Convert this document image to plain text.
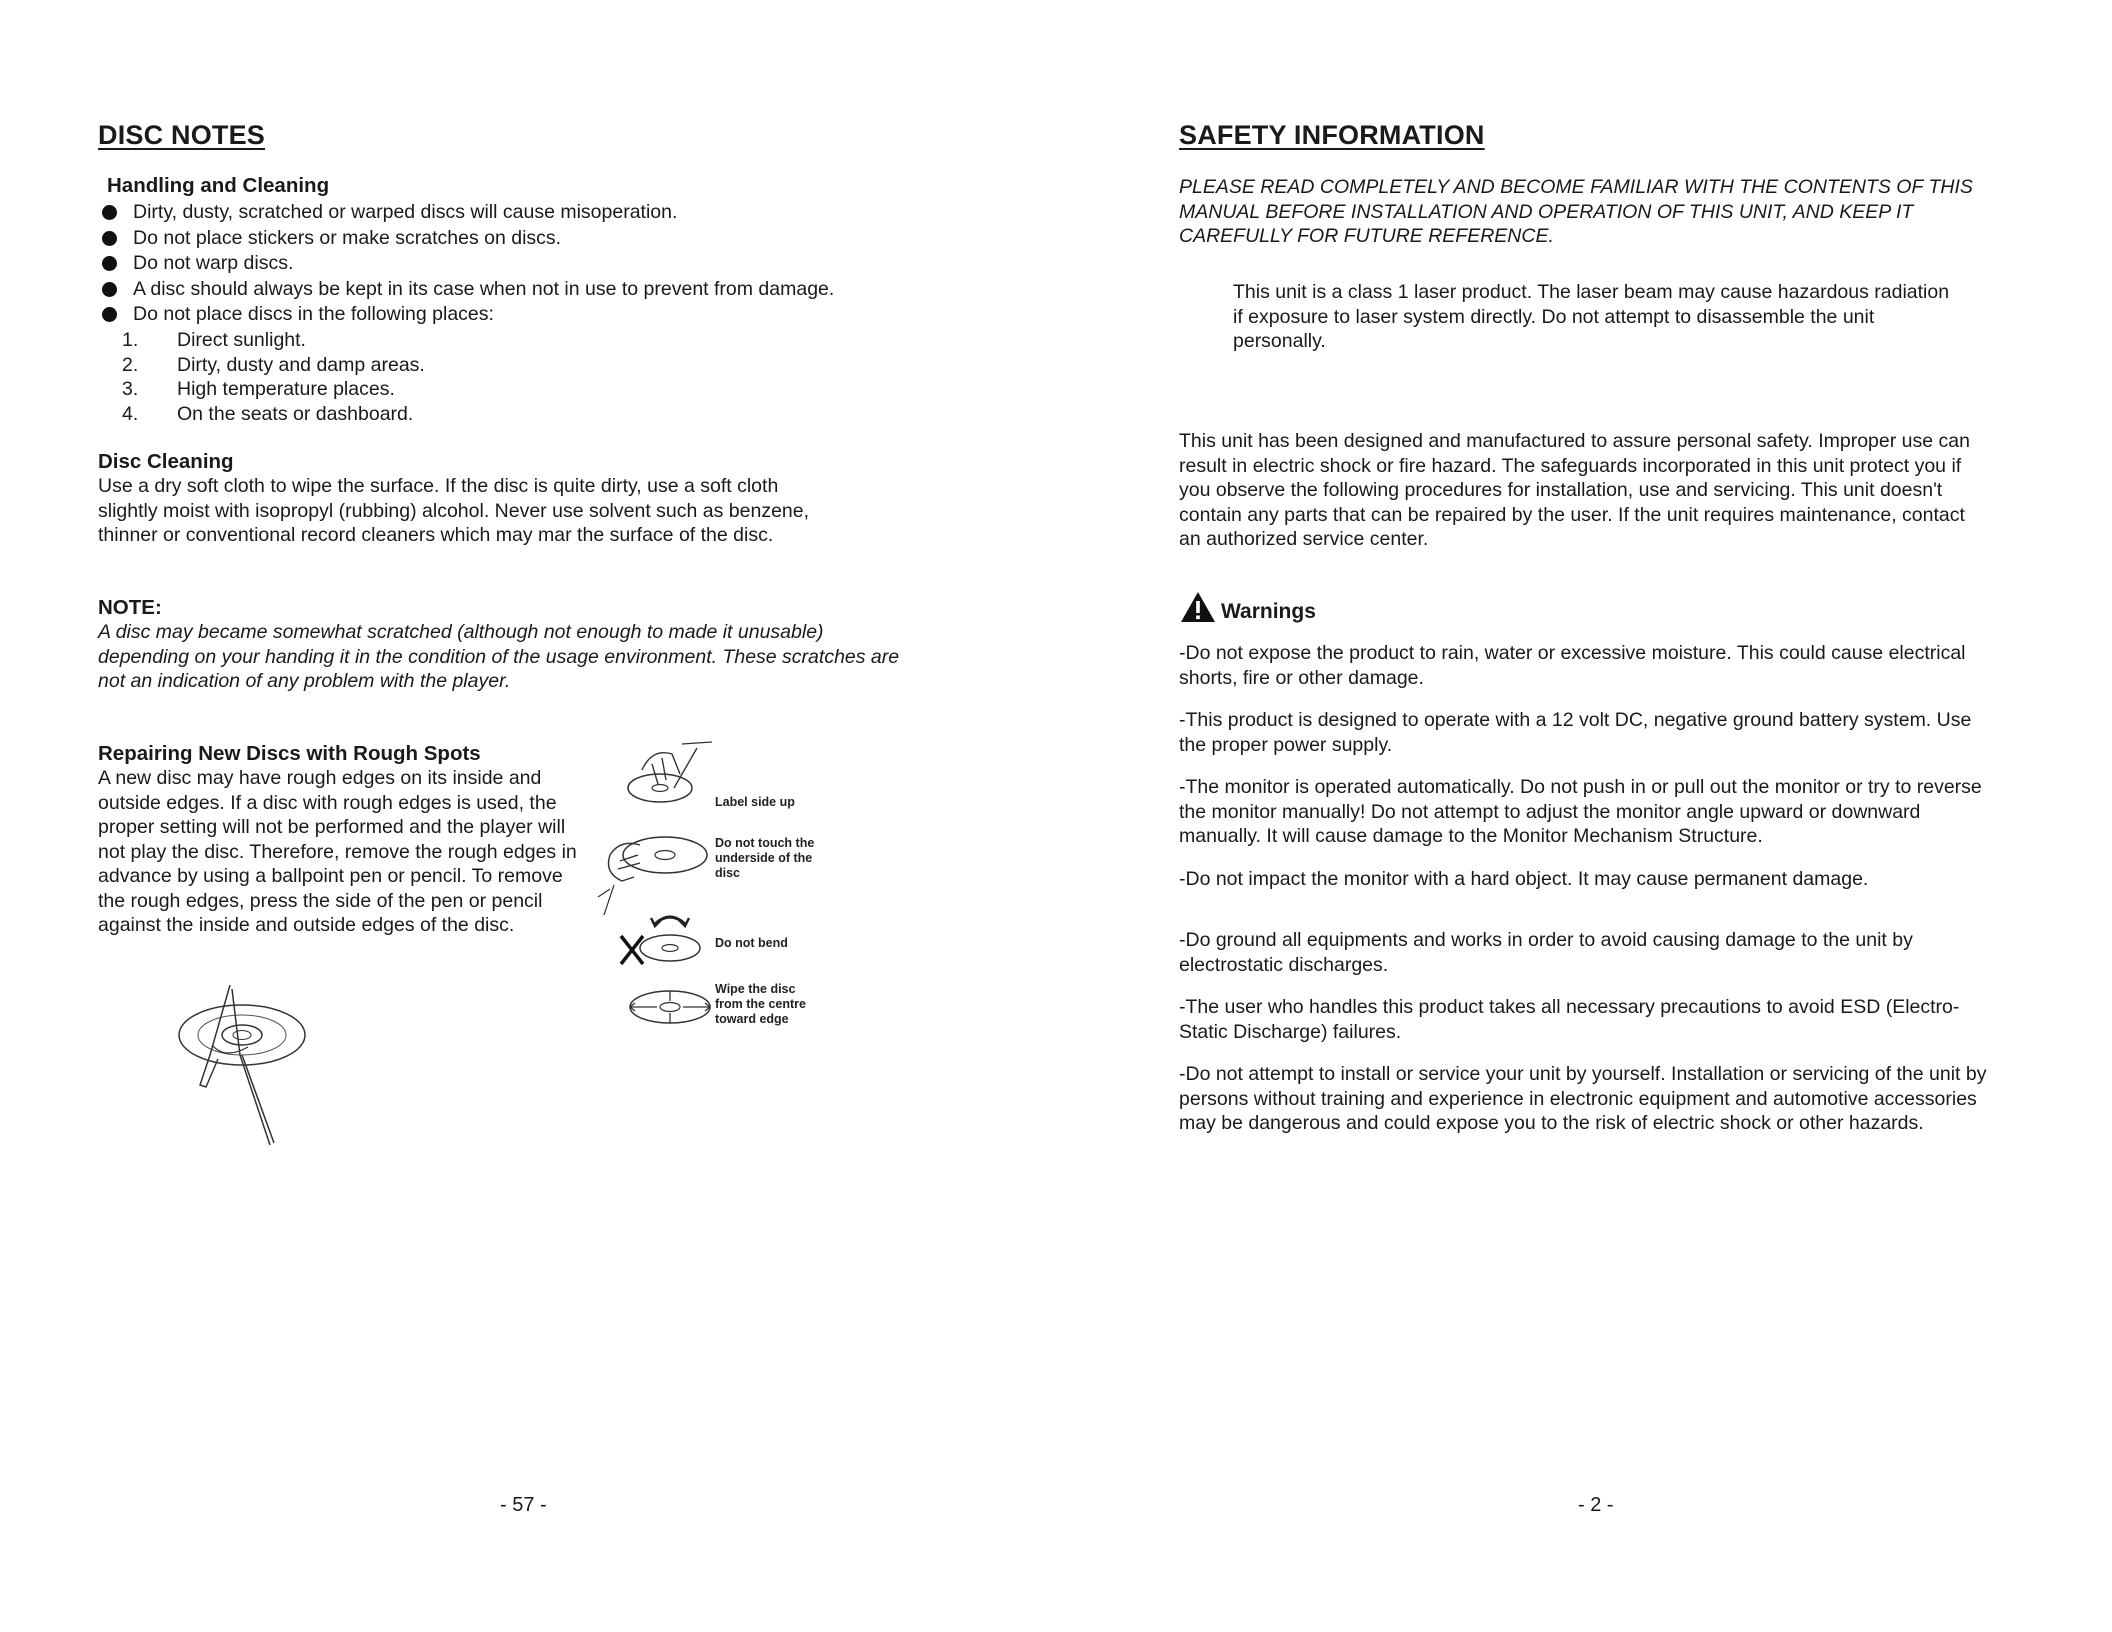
DISC NOTES
Handling and Cleaning
Dirty, dusty, scratched or warped discs will cause misoperation.
Do not place stickers or make scratches on discs.
Do not warp discs.
A disc should always be kept in its case when not in use to prevent from damage.
Do not place discs in the following places:
1.	Direct sunlight.
2.	Dirty, dusty and damp areas.
3.	High temperature places.
4.	On the seats or dashboard.
Disc Cleaning

Use a dry soft cloth to wipe the surface. If the disc is quite dirty, use a soft cloth slightly moist with isopropyl (rubbing) alcohol. Never use solvent such as benzene, thinner or conventional record cleaners which may mar the surface of the disc.

NOTE:

A disc may became somewhat scratched (although not enough to made it unusable) depending on your handing it in the condition of the usage environment. These scratches are not an indication of any problem with the player.

Repairing New Discs with Rough Spots

A new disc may have rough edges on its inside and outside edges. If a disc with rough edges is used, the proper setting will not be performed and the player will not play the disc. Therefore, remove the rough edges in advance by using a ballpoint pen or pencil. To remove the rough edges, press the side of the pen or pencil against the inside and outside edges of the disc.

Label side up
Do not touch the underside of the disc
Do not bend
Wipe the disc from the centre toward edge
- 57 -
SAFETY INFORMATION

PLEASE READ COMPLETELY AND BECOME FAMILIAR WITH THE CONTENTS OF THIS MANUAL BEFORE INSTALLATION AND OPERATION OF THIS UNIT, AND KEEP IT CAREFULLY FOR FUTURE REFERENCE.

This unit is a class 1 laser product. The laser beam may cause hazardous radiation if exposure to laser system directly. Do not attempt to disassemble the unit personally.

This unit has been designed and manufactured to assure personal safety. Improper use can result in electric shock or fire hazard. The safeguards incorporated in this unit protect you if you observe the following procedures for installation, use and servicing. This unit doesn't contain any parts that can be repaired by the user. If the unit requires maintenance, contact an authorized service center.

Warnings

-Do not expose the product to rain, water or excessive moisture. This could cause electrical shorts, fire or other damage.

-This product is designed to operate with a 12 volt DC, negative ground battery system. Use the proper power supply.

-The monitor is operated automatically. Do not push in or pull out the monitor or try to reverse the monitor manually! Do not attempt to adjust the monitor angle upward or downward manually. It will cause damage to the Monitor Mechanism Structure.

-Do not impact the monitor with a hard object. It may cause permanent damage.

-Do ground all equipments and works in order to avoid causing damage to the unit by electrostatic discharges.

-The user who handles this product takes all necessary precautions to avoid ESD (Electro-Static Discharge) failures.

-Do not attempt to install or service your unit by yourself. Installation or servicing of the unit by persons without training and experience in electronic equipment and automotive accessories may be dangerous and could expose you to the risk of electric shock or other hazards.

- 2 -
